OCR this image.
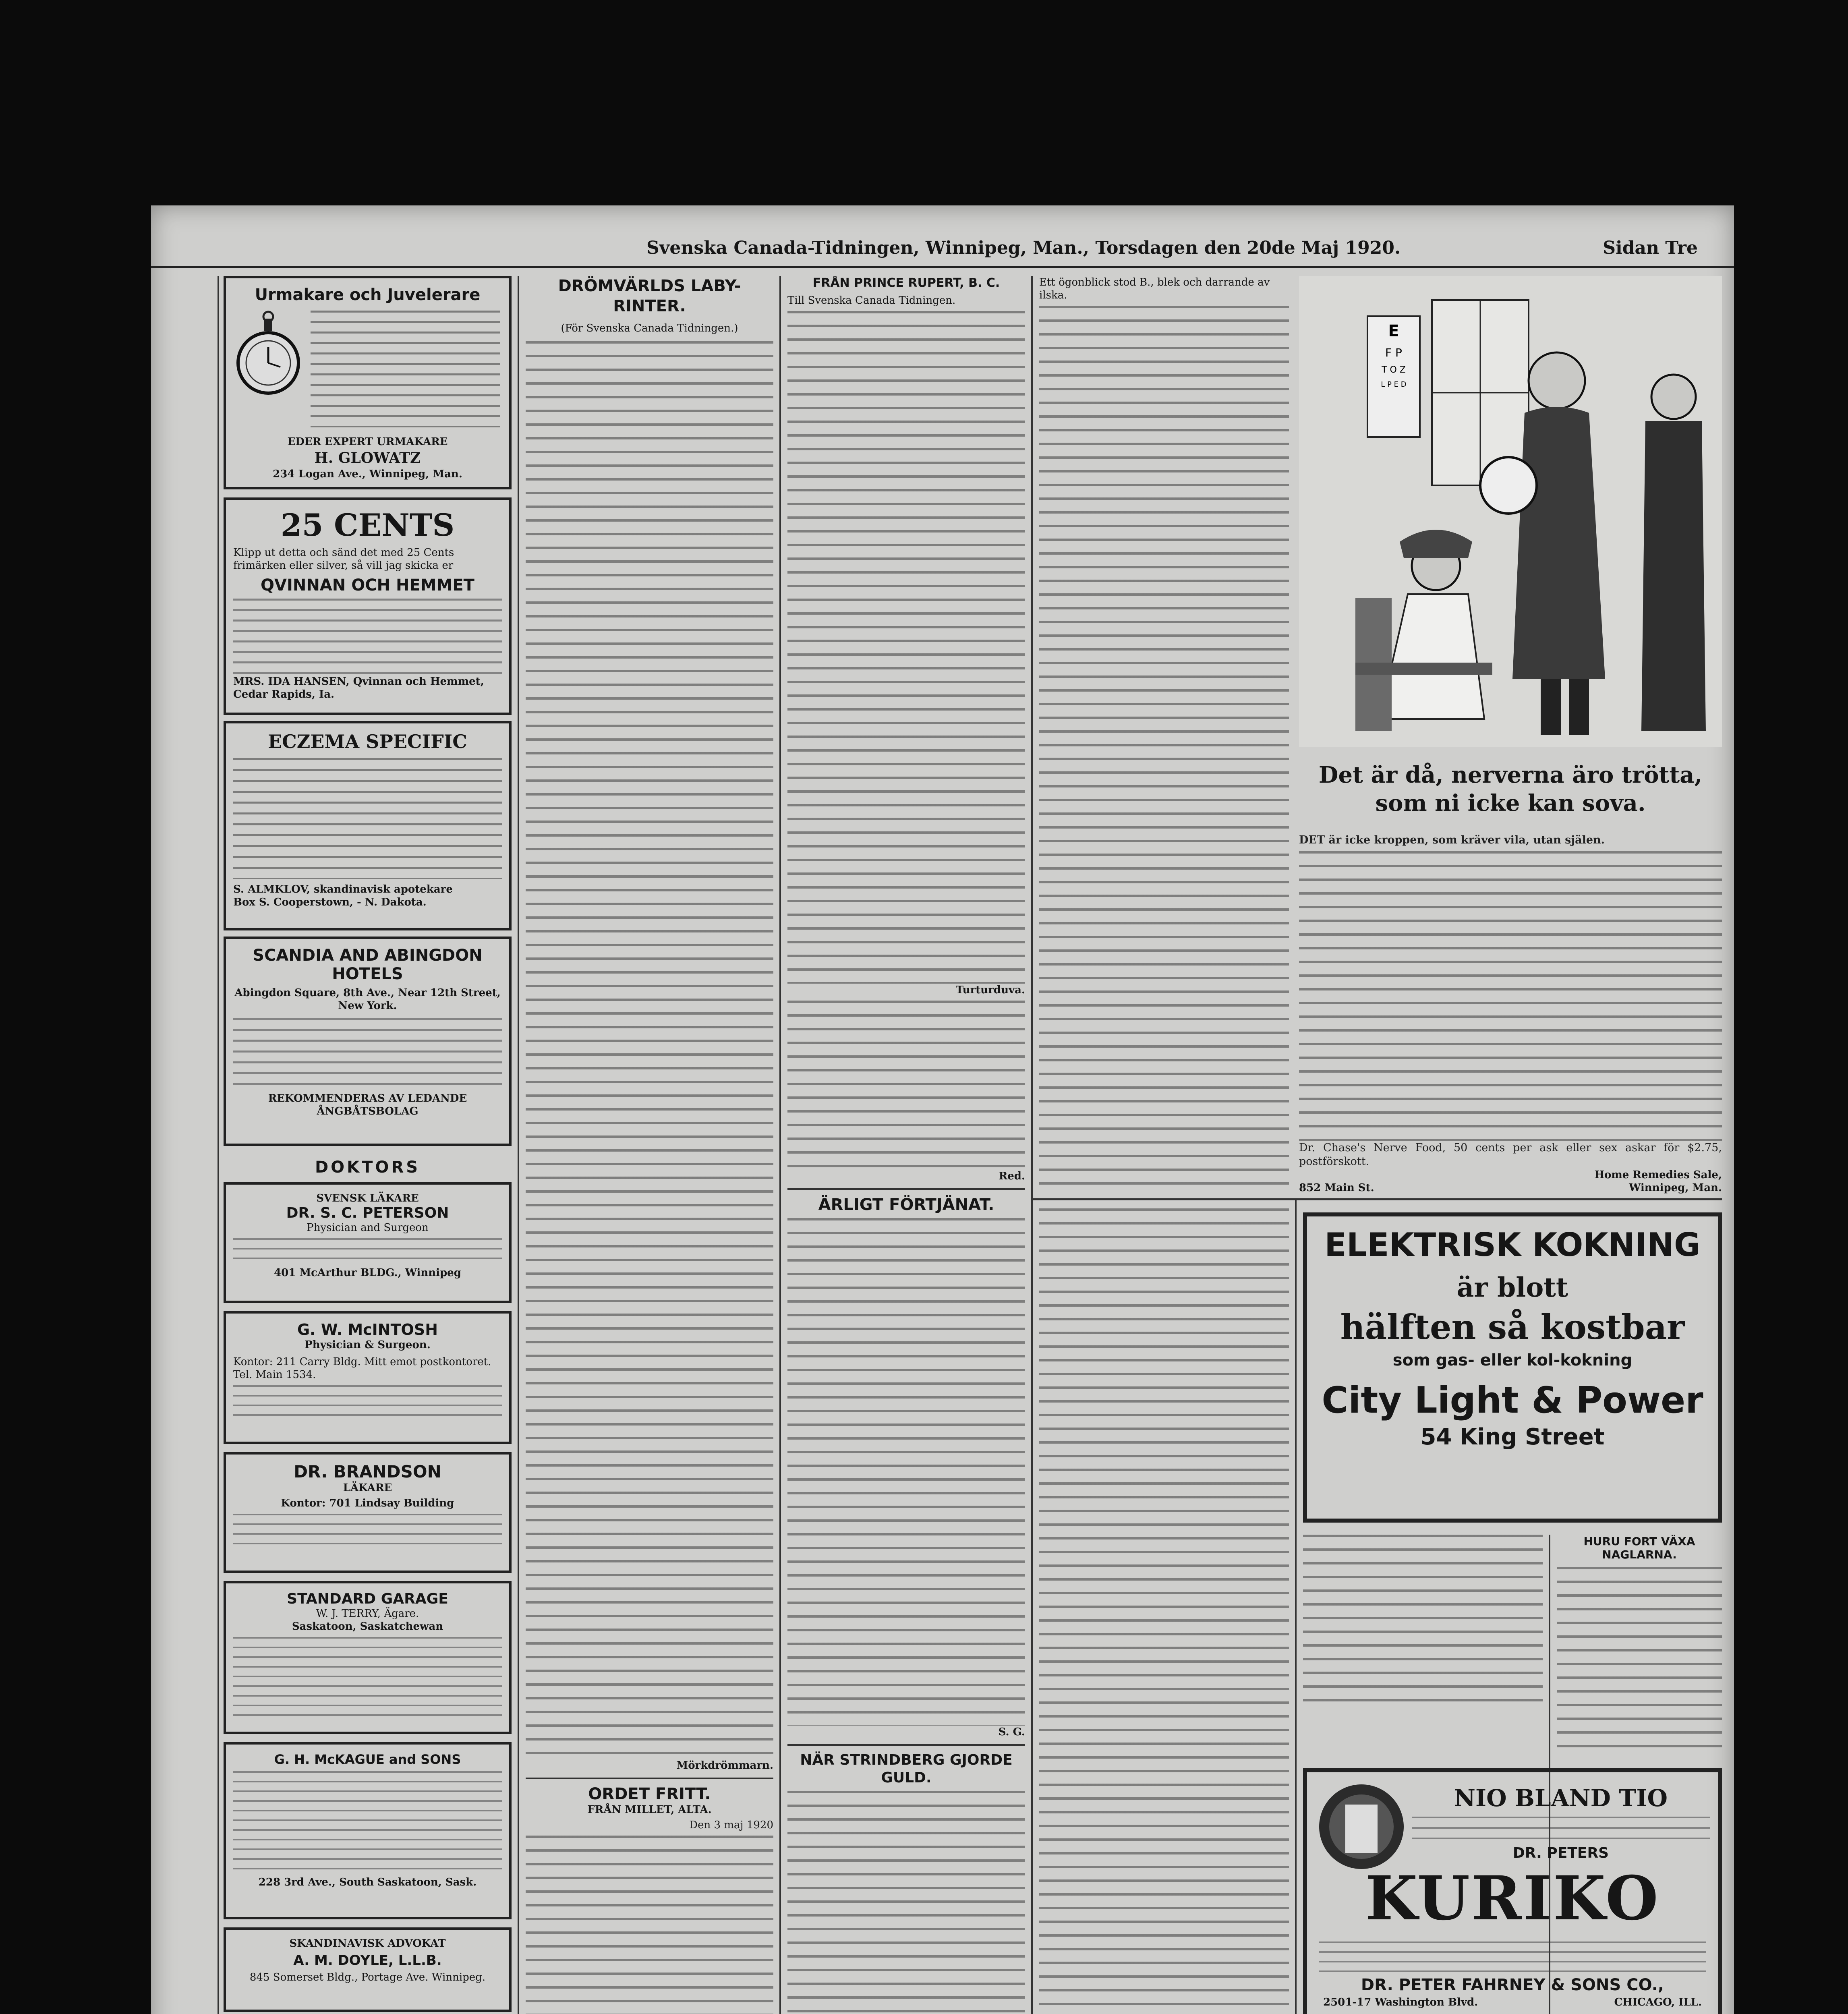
Svenska Canada-Tidningen, Winnipeg, Man., Torsdagen den 20de Maj 1920.	Sidan Tre
Urmakare och Juvelerare
EDER EXPERT URMAKARE
H. GLOWATZ
234 Logan Ave., Winnipeg, Man.
25 CENTS
Klipp ut detta och sänd det med 25 Cents frimärken eller silver, så vill jag skicka er
QVINNAN OCH HEMMET
MRS. IDA HANSEN, Qvinnan och Hemmet, Cedar Rapids, Ia.
ECZEMA SPECIFIC
S. ALMKLOV, skandinavisk apotekare
Box S. Cooperstown, - N. Dakota.
SCANDIA AND ABINGDON HOTELS
Abingdon Square, 8th Ave., Near 12th Street, New York.
REKOMMENDERAS AV LEDANDE ÅNGBÅTSBOLAG
DOKTORS
SVENSK LÄKARE
DR. S. C. PETERSON
Physician and Surgeon
401 McArthur BLDG., Winnipeg
G. W. McINTOSH
Physician & Surgeon.
Kontor: 211 Carry Bldg. Mitt emot postkontoret. Tel. Main 1534.
DR. BRANDSON
LÄKARE
Kontor: 701 Lindsay Building
STANDARD GARAGE
W. J. TERRY, Ägare.
Saskatoon, Saskatchewan
G. H. McKAGUE and SONS
228 3rd Ave., South Saskatoon, Sask.
SKANDINAVISK ADVOKAT
A. M. DOYLE, L.L.B.
845 Somerset Bldg., Portage Ave. Winnipeg.
DRÖMVÄRLDS LABY-RINTER.
(För Svenska Canada Tidningen.)
Mörkdrömmarn.
ORDET FRITT.
FRÅN MILLET, ALTA.
Den 3 maj 1920
FRÅN PRINCE RUPERT, B. C.
Till Svenska Canada Tidningen.
Turturduva.
Red.
ÄRLIGT FÖRTJÄNAT.
S. G.
NÄR STRINDBERG GJORDE GULD.
Ett ögonblick stod B., blek och darrande av ilska.
E
F P
T O Z
L P E D
Det är då, nerverna äro trötta, som ni icke kan sova.
DET är icke kroppen, som kräver vila, utan själen.
Dr. Chase's Nerve Food, 50 cents per ask eller sex askar för $2.75, postförskott.
Home Remedies Sale,
852 Main St.	Winnipeg, Man.
ELEKTRISK KOKNING
är blott
hälften så kostbar
som gas- eller kol-kokning
City Light & Power
54 King Street
HURU FORT VÄXA NAGLARNA.
NIO BLAND TIO
DR. PETERS
KURIKO
DR. PETER FAHRNEY & SONS CO.,
2501-17 Washington Blvd.	CHICAGO, ILL.
